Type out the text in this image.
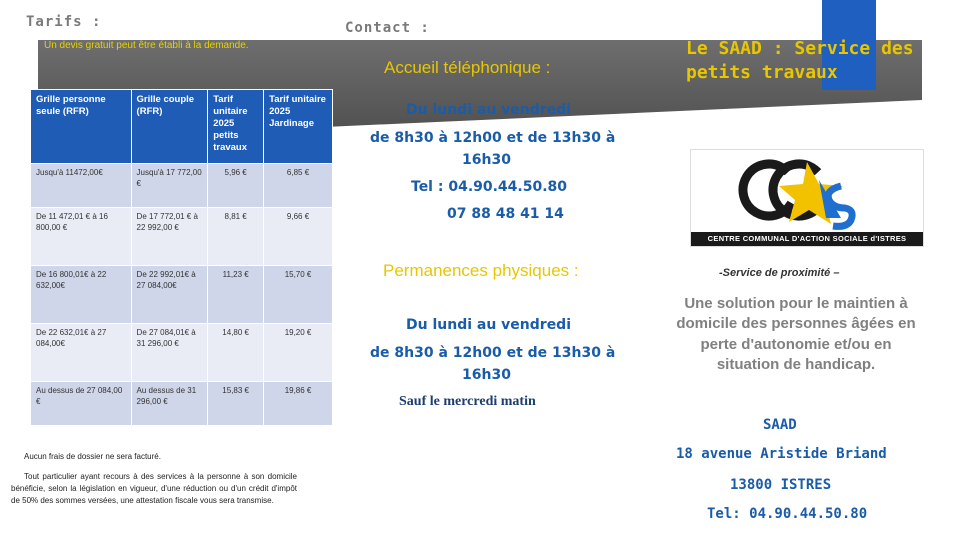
Tarifs :	Contact :
Un devis gratuit peut être établi à la demande.
Grille personne seule (RFR)	Grille couple (RFR)	Tarif unitaire 2025 petits travaux	Tarif unitaire 2025 Jardinage
Jusqu'à 11472,00€	Jusqu'à 17 772,00 €	5,96 €	6,85 €
De 11 472,01 € à 16 800,00 €	De 17 772,01 € à 22 992,00 €	8,81 €	9,66 €
De 16 800,01€ à 22 632,00€	De 22 992,01€ à 27 084,00€	11,23 €	15,70 €
De 22 632,01€ à 27 084,00€	De 27 084,01€ à 31 296,00 €	14,80 €	19,20 €
Au dessus de 27 084,00 €	Au dessus de 31 296,00 €	15,83 €	19,86 €
Aucun frais de dossier ne sera facturé.
Tout particulier ayant recours à des services à la personne à son domicile bénéficie, selon la législation en vigueur, d'une réduction ou d'un crédit d'impôt de 50% des sommes versées, une attestation fiscale vous sera transmise.
Accueil téléphonique :
Du lundi au vendredi
de 8h30 à 12h00 et de 13h30 à
16h30
Tel : 04.90.44.50.80
07 88 48 41 14
Permanences physiques :
Du lundi au vendredi
de 8h30 à 12h00 et de 13h30 à
16h30
Sauf le mercredi matin
Le SAAD : Service des
petits travaux
CENTRE COMMUNAL D'ACTION SOCIALE d'ISTRES
-Service de proximité –
Une solution pour le maintien à domicile des personnes âgées en perte d'autonomie et/ou en situation de handicap.
SAAD
18 avenue Aristide Briand
13800 ISTRES
Tel: 04.90.44.50.80
